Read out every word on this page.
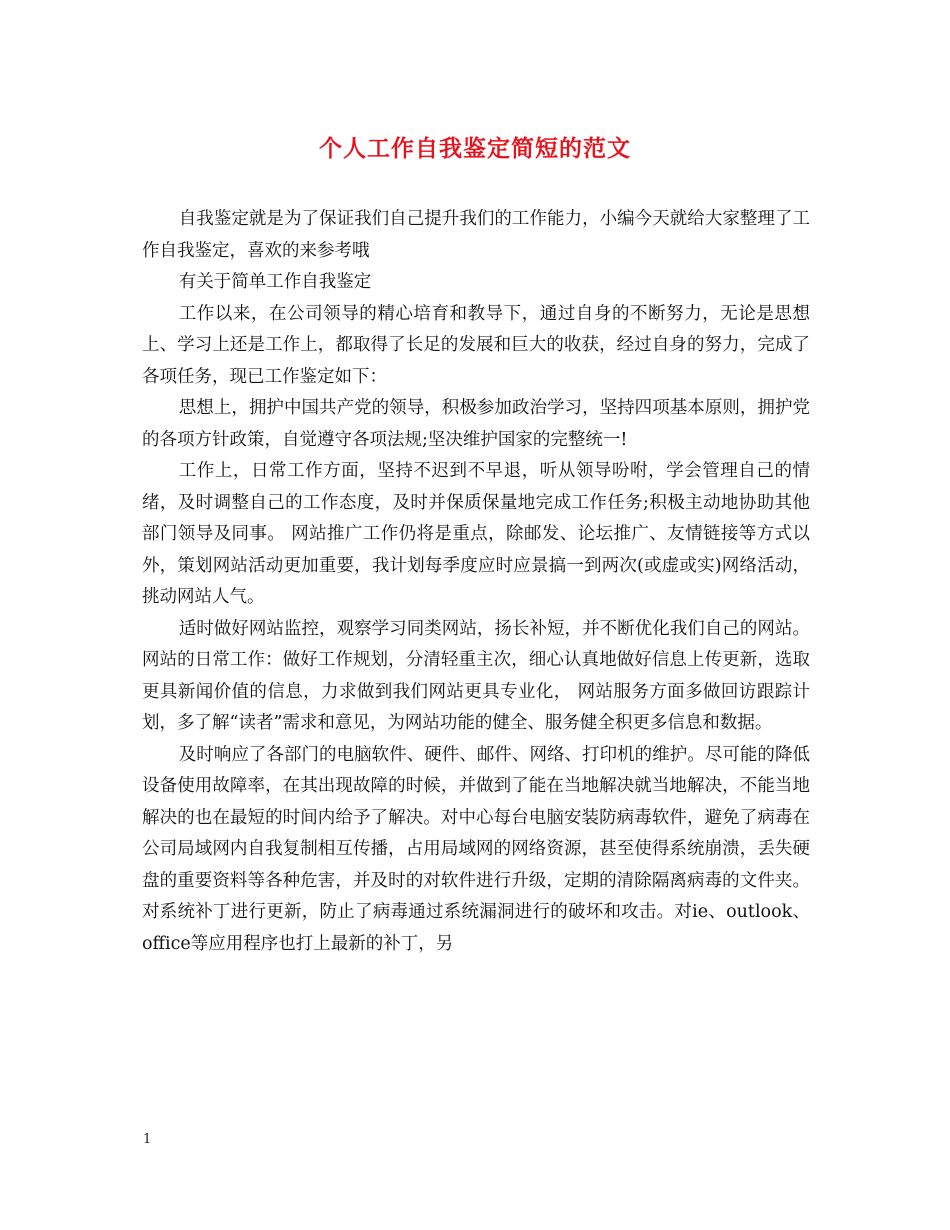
个人工作自我鉴定简短的范文

自我鉴定就是为了保证我们自己提升我们的工作能力，小编今天就给大家整理了工作自我鉴定，喜欢的来参考哦

有关于简单工作自我鉴定

工作以来，在公司领导的精心培育和教导下，通过自身的不断努力，无论是思想上、学习上还是工作上，都取得了长足的发展和巨大的收获，经过自身的努力，完成了各项任务，现已工作鉴定如下：

思想上，拥护中国共产党的领导，积极参加政治学习，坚持四项基本原则，拥护党的各项方针政策，自觉遵守各项法规;坚决维护国家的完整统一!

工作上，日常工作方面，坚持不迟到不早退，听从领导吩咐，学会管理自己的情绪，及时调整自己的工作态度，及时并保质保量地完成工作任务;积极主动地协助其他部门领导及同事。 网站推广工作仍将是重点，除邮发、论坛推广、友情链接等方式以外，策划网站活动更加重要，我计划每季度应时应景搞一到两次(或虚或实)网络活动，挑动网站人气。

适时做好网站监控，观察学习同类网站，扬长补短，并不断优化我们自己的网站。 网站的日常工作：做好工作规划，分清轻重主次，细心认真地做好信息上传更新，选取更具新闻价值的信息，力求做到我们网站更具专业化， 网站服务方面多做回访跟踪计划，多了解“读者”需求和意见，为网站功能的健全、服务健全积更多信息和数据。

及时响应了各部门的电脑软件、硬件、邮件、网络、打印机的维护。尽可能的降低设备使用故障率，在其出现故障的时候，并做到了能在当地解决就当地解决，不能当地解决的也在最短的时间内给予了解决。对中心每台电脑安装防病毒软件，避免了病毒在公司局域网内自我复制相互传播，占用局域网的网络资源，甚至使得系统崩溃，丢失硬盘的重要资料等各种危害，并及时的对软件进行升级，定期的清除隔离病毒的文件夹。对系统补丁进行更新，防止了病毒通过系统漏洞进行的破坏和攻击。对ie、outlook、office等应用程序也打上最新的补丁，另

1
